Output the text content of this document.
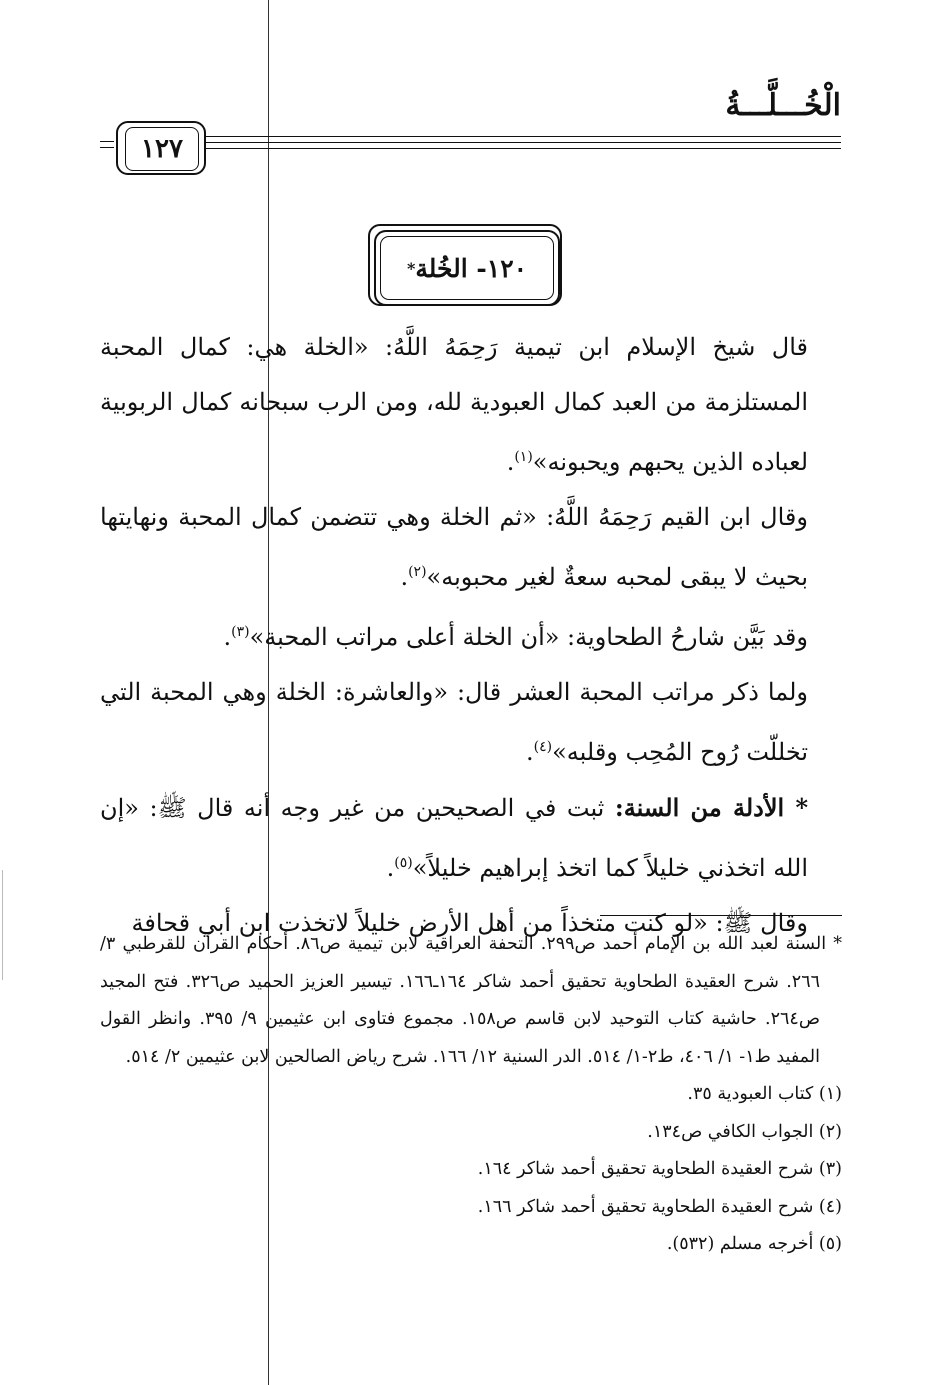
الْخُـــلَّـــةُ
١٢٧
١٢٠- الخُلة
*

قال شيخ الإسلام ابن تيمية رَحِمَهُ اللَّهُ: «الخلة هي: كمال المحبة المستلزمة من العبد كمال العبودية لله، ومن الرب سبحانه كمال الربوبية لعباده الذين يحبهم ويحبونه»$^{(١)}$.

وقال ابن القيم رَحِمَهُ اللَّهُ: «ثم الخلة وهي تتضمن كمال المحبة ونهايتها بحيث لا يبقى لمحبه سعةٌ لغير محبوبه»$^{(٢)}$.

وقد بَيَّن شارحُ الطحاوية: «أن الخلة أعلى مراتب المحبة»$^{(٣)}$.

ولما ذكر مراتب المحبة العشر قال: «والعاشرة: الخلة وهي المحبة التي تخللّت رُوح المُحِب وقلبه»$^{(٤)}$.

* الأدلة من السنة: ثبت في الصحيحين من غير وجه أنه قال ﷺ: «إن الله اتخذني خليلاً كما اتخذ إبراهيم خليلاً»$^{(٥)}$.

وقال ﷺ: «لو كنت متخذاً من أهل الأرض خليلاً لاتخذت ابن أبي قحافة

* السنة لعبد الله بن الإمام أحمد ص٢٩٩. التحفة العراقية لابن تيمية ص٨٦. أحكام القرآن للقرطبي ٣/ ٢٦٦. شرح العقيدة الطحاوية تحقيق أحمد شاكر ١٦٤ـ١٦٦. تيسير العزيز الحميد ص٣٢٦. فتح المجيد ص٢٦٤. حاشية كتاب التوحيد لابن قاسم ص١٥٨. مجموع فتاوى ابن عثيمين ٩/ ٣٩٥. وانظر القول المفيد ط١- ١/ ٤٠٦، ط٢-١/ ٥١٤. الدر السنية ١٢/ ١٦٦. شرح رياض الصالحين لابن عثيمين ٢/ ٥١٤.

(١) كتاب العبودية ٣٥.

(٢) الجواب الكافي ص١٣٤.

(٣) شرح العقيدة الطحاوية تحقيق أحمد شاكر ١٦٤.

(٤) شرح العقيدة الطحاوية تحقيق أحمد شاكر ١٦٦.

(٥) أخرجه مسلم (٥٣٢).
